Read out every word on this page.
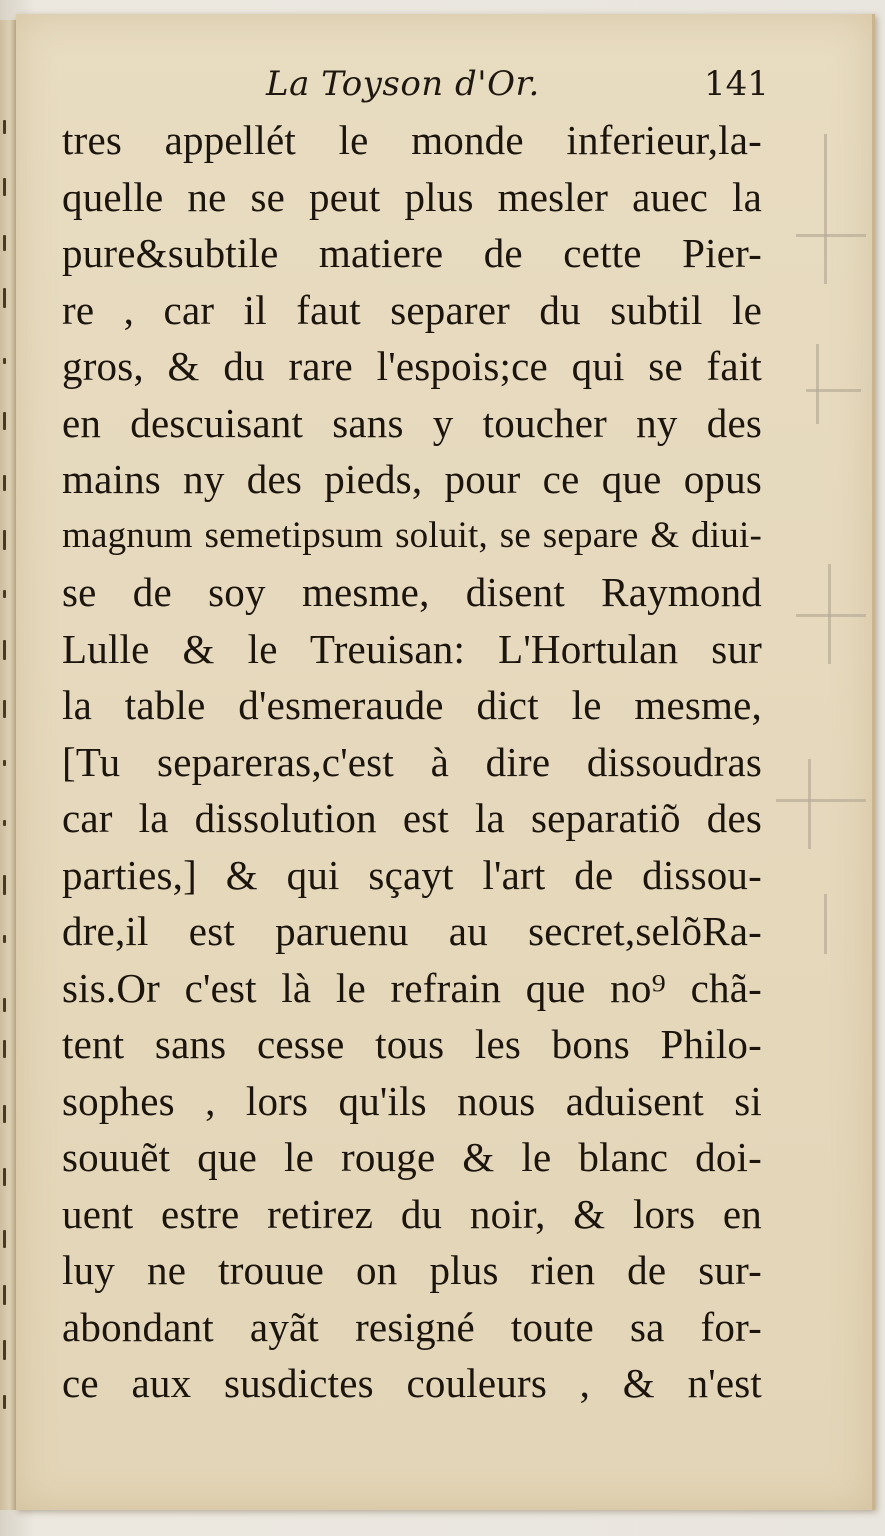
La Toyson d'Or.	141
tres appellét le monde inferieur,la-
quelle ne se peut plus mesler auec la
pure&subtile matiere de cette Pier-
re , car il faut separer du subtil le
gros, & du rare l'espois;ce qui se fait
en descuisant sans y toucher ny des
mains ny des pieds, pour ce que opus
magnum semetipsum soluit, se separe & diui-
se de soy mesme, disent Raymond
Lulle & le Treuisan: L'Hortulan sur
la table d'esmeraude dict le mesme,
[Tu separeras,c'est à dire dissoudras
car la dissolution est la separatiõ des
parties,] & qui sçayt l'art de dissou-
dre,il est paruenu au secret,selõRa-
sis.Or c'est là le refrain que no⁹ chã-
tent sans cesse tous les bons Philo-
sophes , lors qu'ils nous aduisent si
souuẽt que le rouge & le blanc doi-
uent estre retirez du noir, & lors en
luy ne trouue on plus rien de sur-
abondant ayãt resigné toute sa for-
ce aux susdictes couleurs , & n'est
